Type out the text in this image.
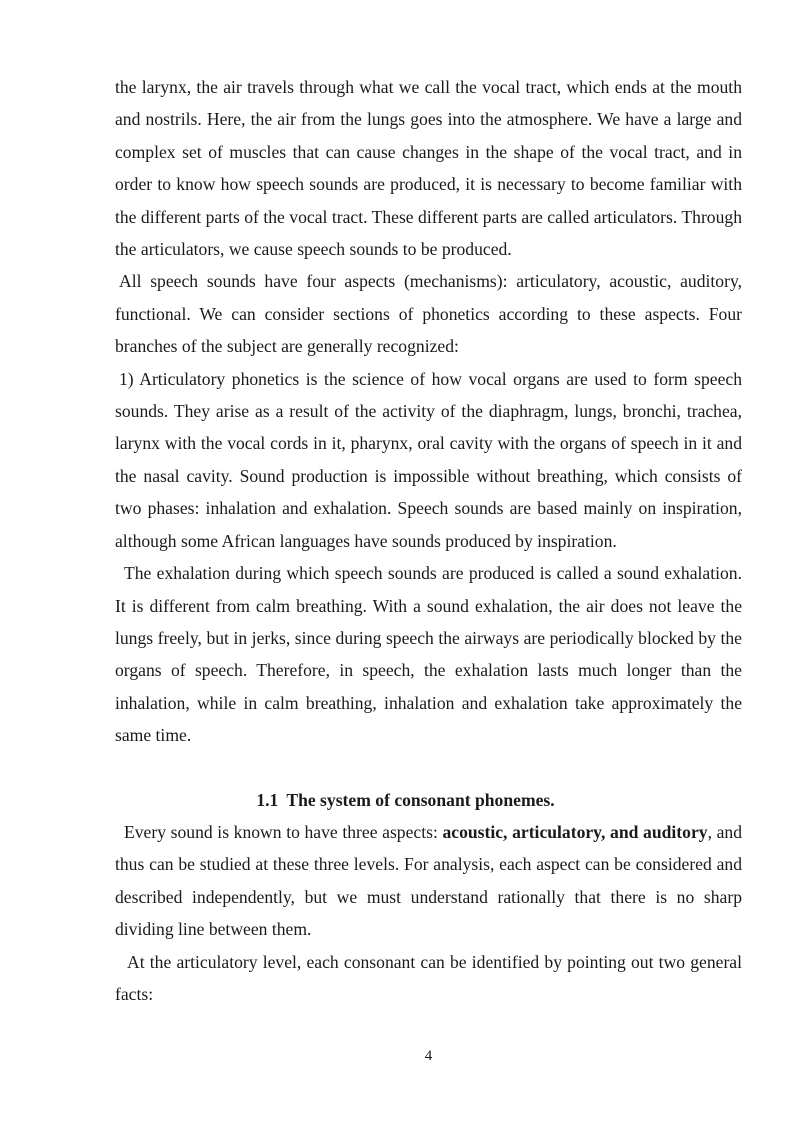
the larynx, the air travels through what we call the vocal tract, which ends at the mouth and nostrils. Here, the air from the lungs goes into the atmosphere. We have a large and complex set of muscles that can cause changes in the shape of the vocal tract, and in order to know how speech sounds are produced, it is necessary to become familiar with the different parts of the vocal tract. These different parts are called articulators. Through the articulators, we cause speech sounds to be produced.

All speech sounds have four aspects (mechanisms): articulatory, acoustic, auditory, functional. We can consider sections of phonetics according to these aspects. Four branches of the subject are generally recognized:

1) Articulatory phonetics is the science of how vocal organs are used to form speech sounds. They arise as a result of the activity of the diaphragm, lungs, bronchi, trachea, larynx with the vocal cords in it, pharynx, oral cavity with the organs of speech in it and the nasal cavity. Sound production is impossible without breathing, which consists of two phases: inhalation and exhalation. Speech sounds are based mainly on inspiration, although some African languages have sounds produced by inspiration.

The exhalation during which speech sounds are produced is called a sound exhalation. It is different from calm breathing. With a sound exhalation, the air does not leave the lungs freely, but in jerks, since during speech the airways are periodically blocked by the organs of speech. Therefore, in speech, the exhalation lasts much longer than the inhalation, while in calm breathing, inhalation and exhalation take approximately the same time.

1.1 The system of consonant phonemes.

Every sound is known to have three aspects: acoustic, articulatory, and auditory, and thus can be studied at these three levels. For analysis, each aspect can be considered and described independently, but we must understand rationally that there is no sharp dividing line between them.

At the articulatory level, each consonant can be identified by pointing out two general facts:

4
